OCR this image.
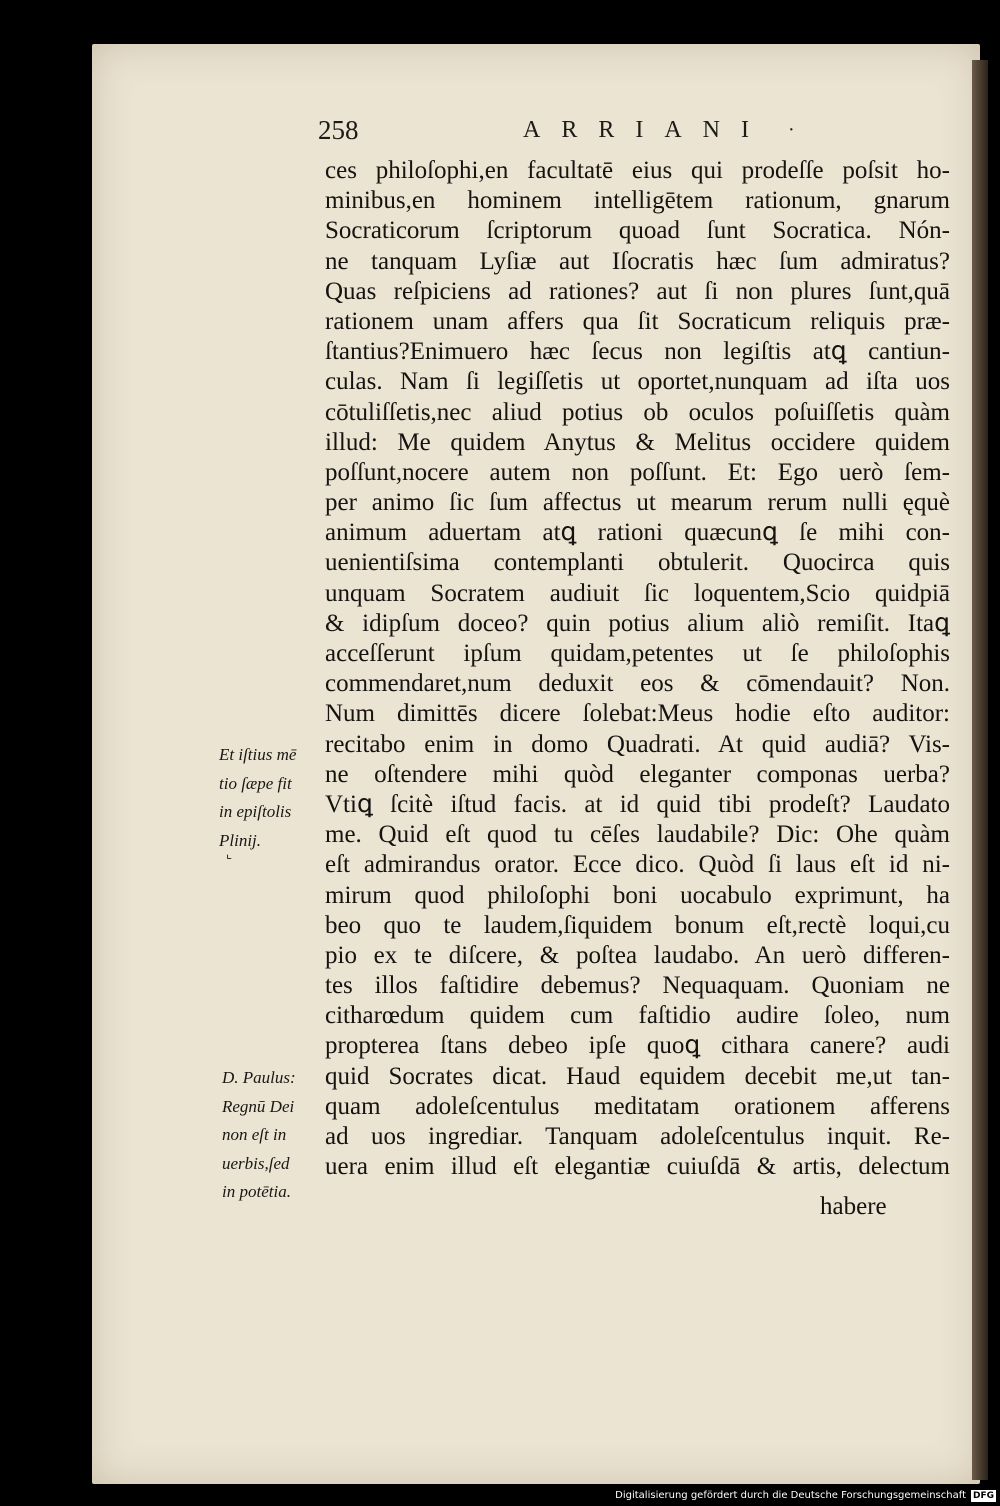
258	ARRIANI ·
ces philoſophi,en facultatē eius qui prodeſſe poſsit ho-
minibus,en hominem intelligētem rationum, gnarum
Socraticorum ſcriptorum quoad ſunt Socratica. Nón-
ne tanquam Lyſiæ aut Iſocratis hæc ſum admiratus?
Quas reſpiciens ad rationes? aut ſi non plures ſunt,quā
rationem unam affers qua ſit Socraticum reliquis præ-
ſtantius?Enimuero hæc ſecus non legiſtis atꝗ cantiun-
culas. Nam ſi legiſſetis ut oportet,nunquam ad iſta uos
cōtuliſſetis,nec aliud potius ob oculos poſuiſſetis quàm
illud: Me quidem Anytus & Melitus occidere quidem
poſſunt,nocere autem non poſſunt. Et: Ego uerò ſem-
per animo ſic ſum affectus ut mearum rerum nulli ęquè
animum aduertam atꝗ rationi quæcunꝗ ſe mihi con-
uenientiſsima contemplanti obtulerit. Quocirca quis
unquam Socratem audiuit ſic loquentem,Scio quidpiā
& idipſum doceo? quin potius alium aliò remiſit. Itaꝗ
acceſſerunt ipſum quidam,petentes ut ſe philoſophis
commendaret,num deduxit eos & cōmendauit? Non.
Num dimittēs dicere ſolebat:Meus hodie eſto auditor:
recitabo enim in domo Quadrati. At quid audiā? Vis-
ne oſtendere mihi quòd eleganter componas uerba?
Vtiꝗ ſcitè iſtud facis. at id quid tibi prodeſt? Laudato
me. Quid eſt quod tu cēſes laudabile? Dic: Ohe quàm
eſt admirandus orator. Ecce dico. Quòd ſi laus eſt id ni-
mirum quod philoſophi boni uocabulo exprimunt, ha
beo quo te laudem,ſiquidem bonum eſt,rectè loqui,cu
pio ex te diſcere, & poſtea laudabo. An uerò differen-
tes illos faſtidire debemus? Nequaquam. Quoniam ne
citharœdum quidem cum faſtidio audire ſoleo, num
propterea ſtans debeo ipſe quoꝗ cithara canere? audi
quid Socrates dicat. Haud equidem decebit me,ut tan-
quam adoleſcentulus meditatam orationem afferens
ad uos ingrediar. Tanquam adoleſcentulus inquit. Re-
uera enim illud eſt elegantiæ cuiuſdā & artis, delectum
habere
Et iſtius mē
tio ſæpe fit
in epiſtolis
Plinij.
⌞
D. Paulus:
Regnū Dei
non eſt in
uerbis,ſed
in potētia.
Digitalisierung gefördert durch die Deutsche Forschungsgemeinschaft DFG
